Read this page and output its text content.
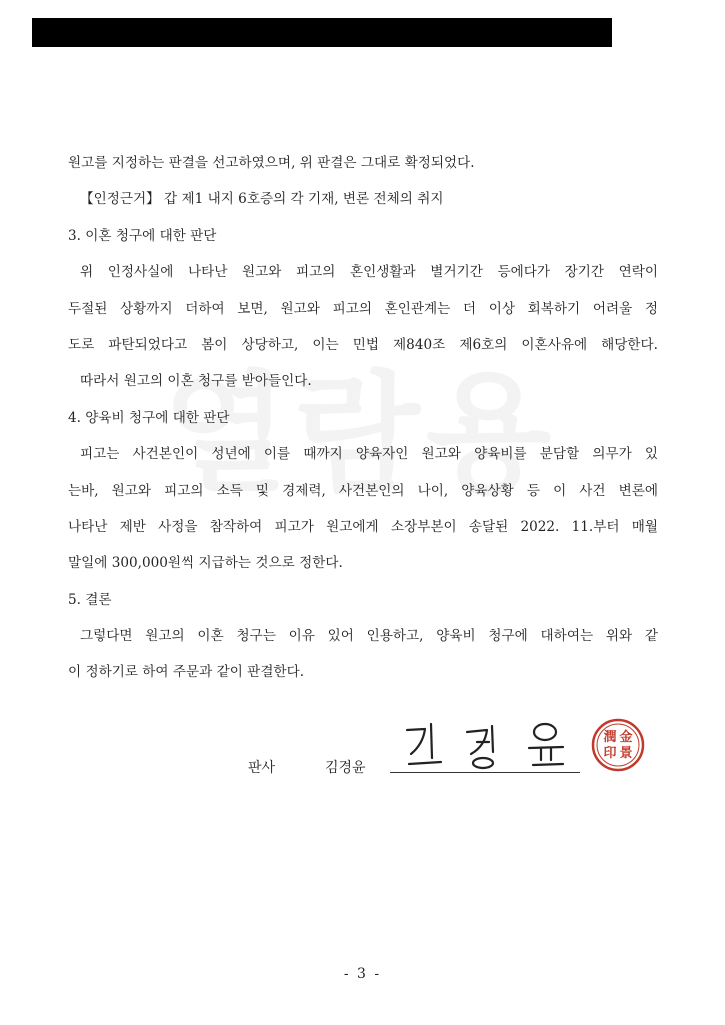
원고를 지정하는 판결을 선고하였으며, 위 판결은 그대로 확정되었다.
【인정근거】 갑 제1 내지 6호증의 각 기재, 변론 전체의 취지
3. 이혼 청구에 대한 판단
위 인정사실에 나타난 원고와 피고의 혼인생활과 별거기간 등에다가 장기간 연락이
두절된 상황까지 더하여 보면, 원고와 피고의 혼인관계는 더 이상 회복하기 어려울 정
도로 파탄되었다고 봄이 상당하고, 이는 민법 제840조 제6호의 이혼사유에 해당한다.
따라서 원고의 이혼 청구를 받아들인다.
4. 양육비 청구에 대한 판단
피고는 사건본인이 성년에 이를 때까지 양육자인 원고와 양육비를 분담할 의무가 있
는바, 원고와 피고의 소득 및 경제력, 사건본인의 나이, 양육상황 등 이 사건 변론에
나타난 제반 사정을 참작하여 피고가 원고에게 소장부본이 송달된 2022. 11.부터 매월
말일에 300,000원씩 지급하는 것으로 정한다.
5. 결론
그렇다면 원고의 이혼 청구는 이유 있어 인용하고, 양육비 청구에 대하여는 위와 같
이 정하기로 하여 주문과 같이 판결한다.
판사	김경윤
金
景
潤
印
- 3 -
